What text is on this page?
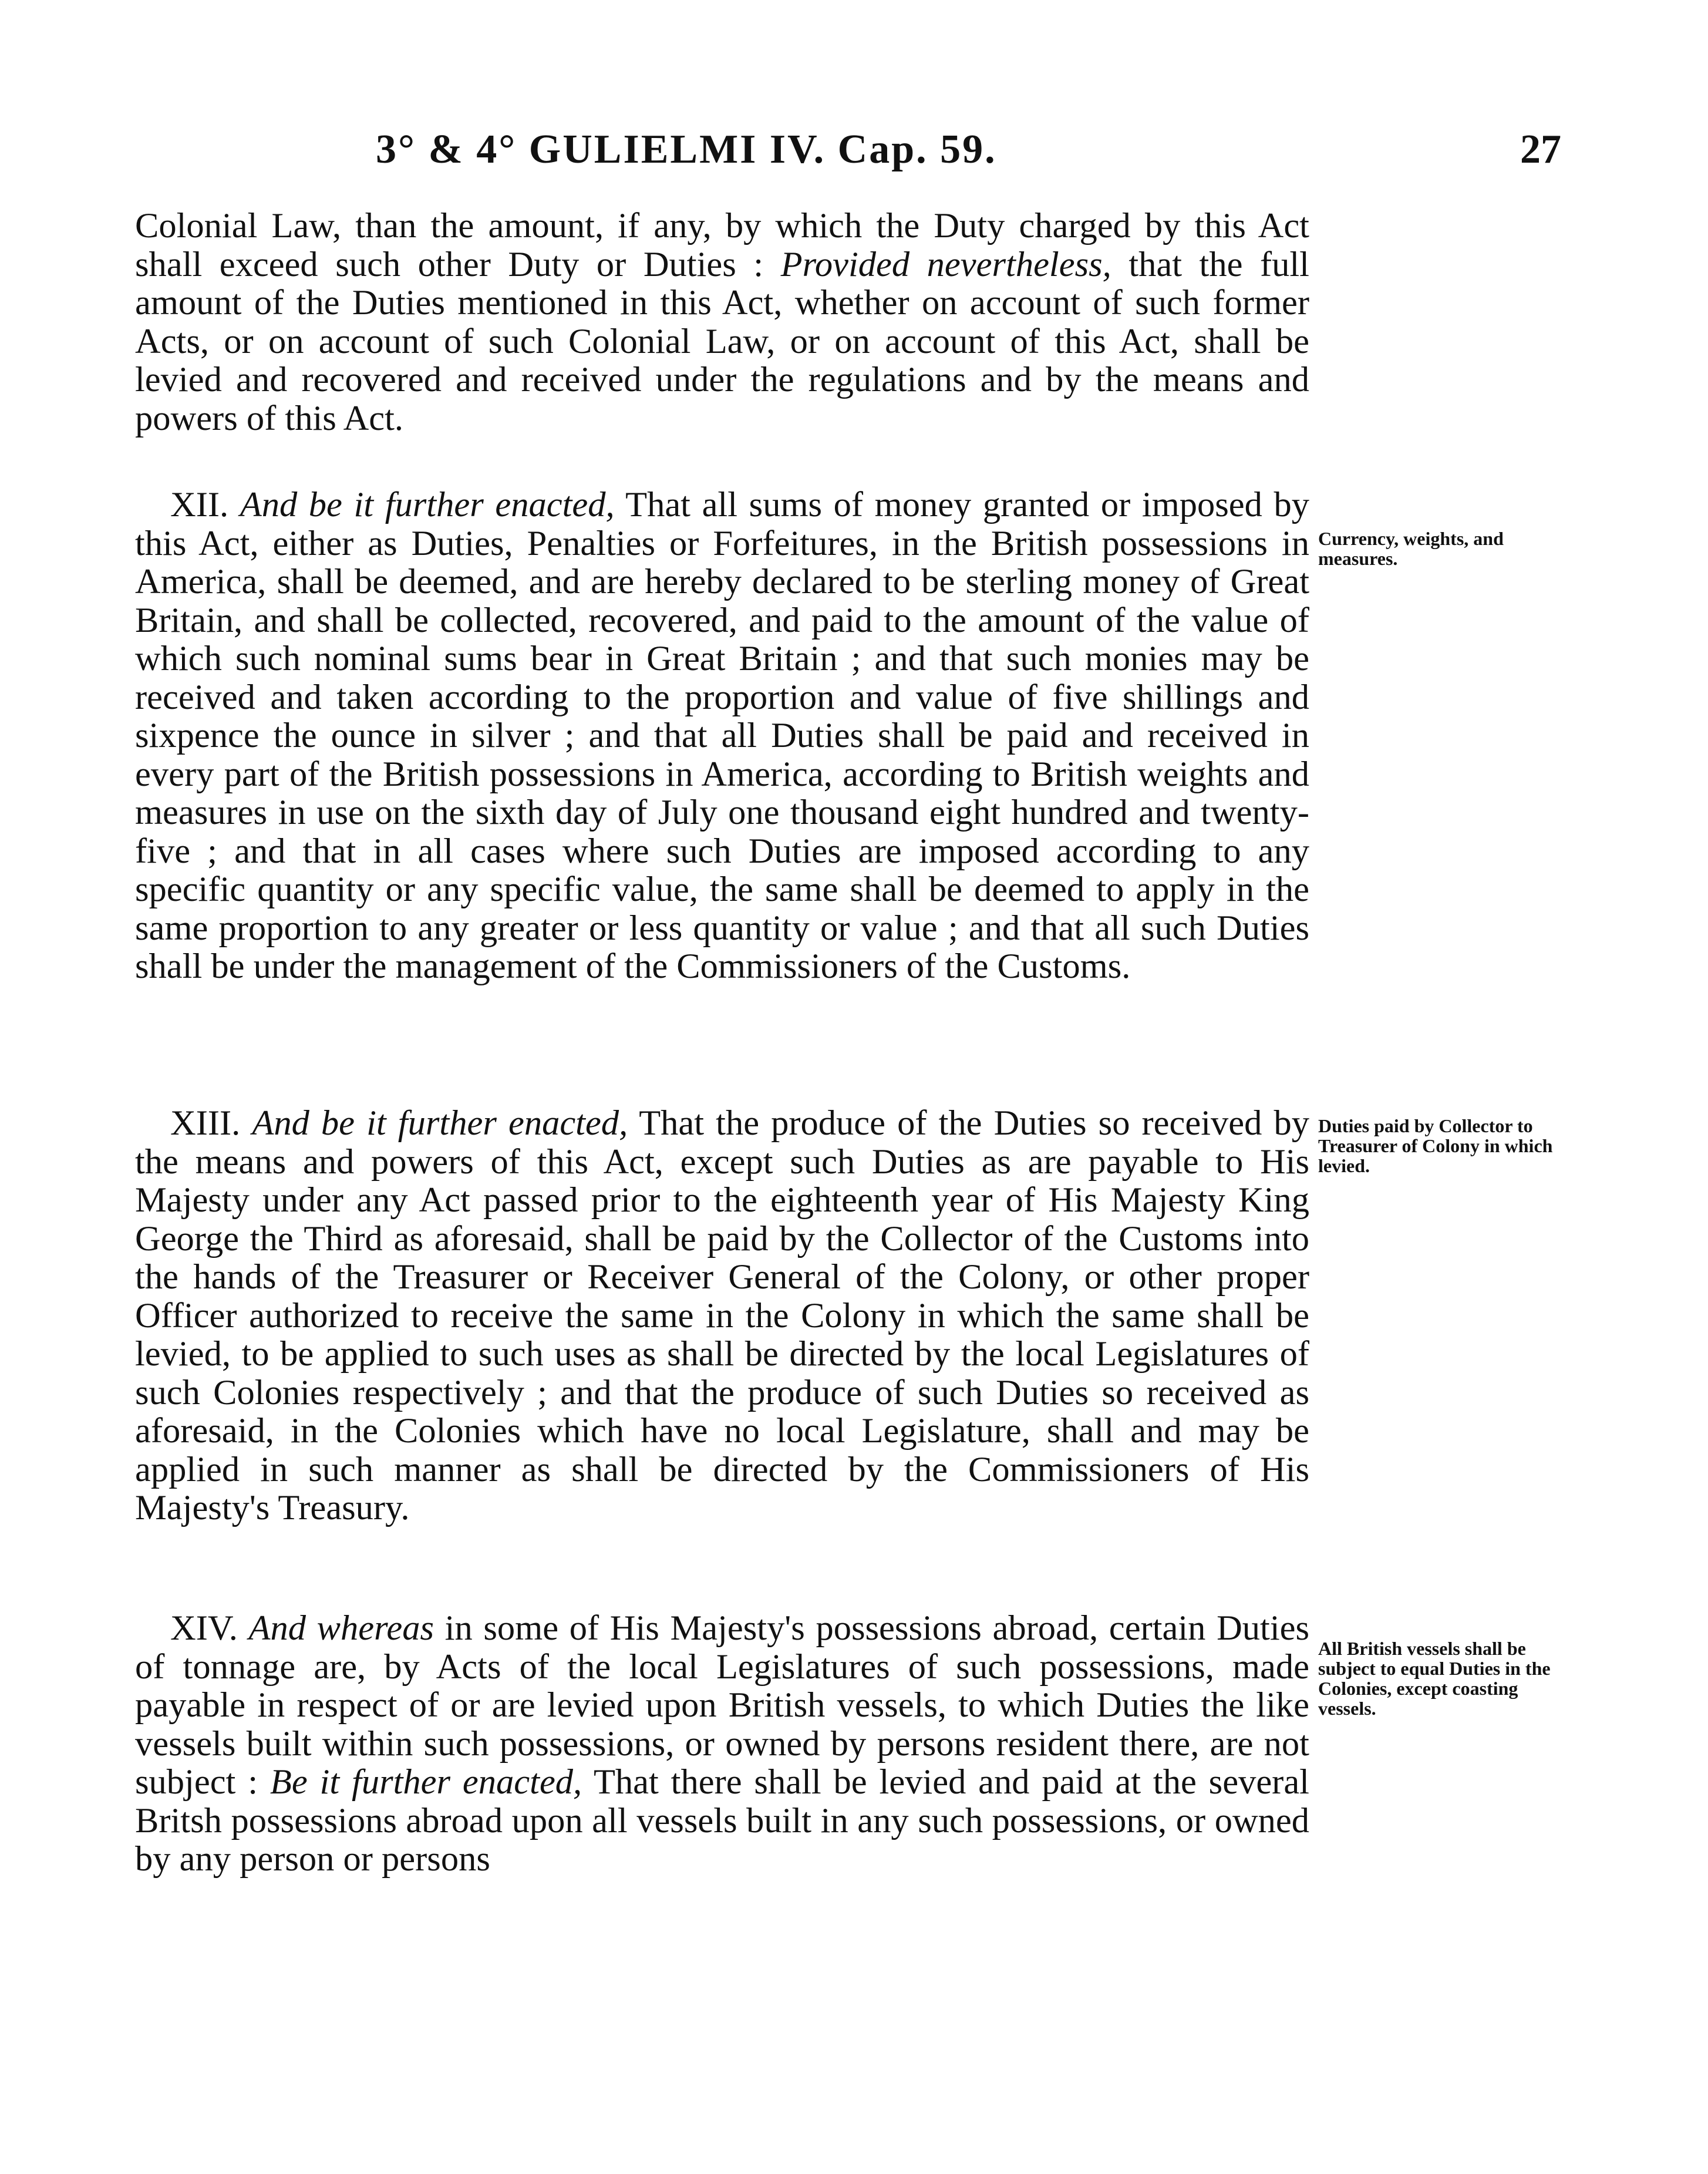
3° & 4° GULIELMI IV. Cap. 59.	27

Colonial Law, than the amount, if any, by which the Duty charged by this Act shall exceed such other Duty or Duties : Provided nevertheless, that the full amount of the Duties mentioned in this Act, whether on account of such former Acts, or on account of such Colonial Law, or on account of this Act, shall be levied and recovered and received under the regulations and by the means and powers of this Act.

XII. And be it further enacted, That all sums of money granted or imposed by this Act, either as Duties, Penalties or Forfeitures, in the British possessions in America, shall be deemed, and are hereby declared to be sterling money of Great Britain, and shall be collected, recovered, and paid to the amount of the value of which such nominal sums bear in Great Britain ; and that such monies may be received and taken according to the proportion and value of five shillings and sixpence the ounce in silver ; and that all Duties shall be paid and received in every part of the British possessions in America, according to British weights and measures in use on the sixth day of July one thousand eight hundred and twenty-five ; and that in all cases where such Duties are imposed according to any specific quantity or any specific value, the same shall be deemed to apply in the same proportion to any greater or less quantity or value ; and that all such Duties shall be under the management of the Commissioners of the Customs.

Currency, weights, and measures.

XIII. And be it further enacted, That the produce of the Duties so received by the means and powers of this Act, except such Duties as are payable to His Majesty under any Act passed prior to the eighteenth year of His Majesty King George the Third as aforesaid, shall be paid by the Collector of the Customs into the hands of the Treasurer or Receiver General of the Colony, or other proper Officer authorized to receive the same in the Colony in which the same shall be levied, to be applied to such uses as shall be directed by the local Legislatures of such Colonies respectively ; and that the produce of such Duties so received as aforesaid, in the Colonies which have no local Legislature, shall and may be applied in such manner as shall be directed by the Commissioners of His Majesty's Treasury.

Duties paid by Collector to Treasurer of Colony in which levied.

XIV. And whereas in some of His Majesty's possessions abroad, certain Duties of tonnage are, by Acts of the local Legislatures of such possessions, made payable in respect of or are levied upon British vessels, to which Duties the like vessels built within such possessions, or owned by persons resident there, are not subject : Be it further enacted, That there shall be levied and paid at the several Britsh possessions abroad upon all vessels built in any such possessions, or owned by any person or persons

All British vessels shall be subject to equal Duties in the Colonies, except coasting vessels.
